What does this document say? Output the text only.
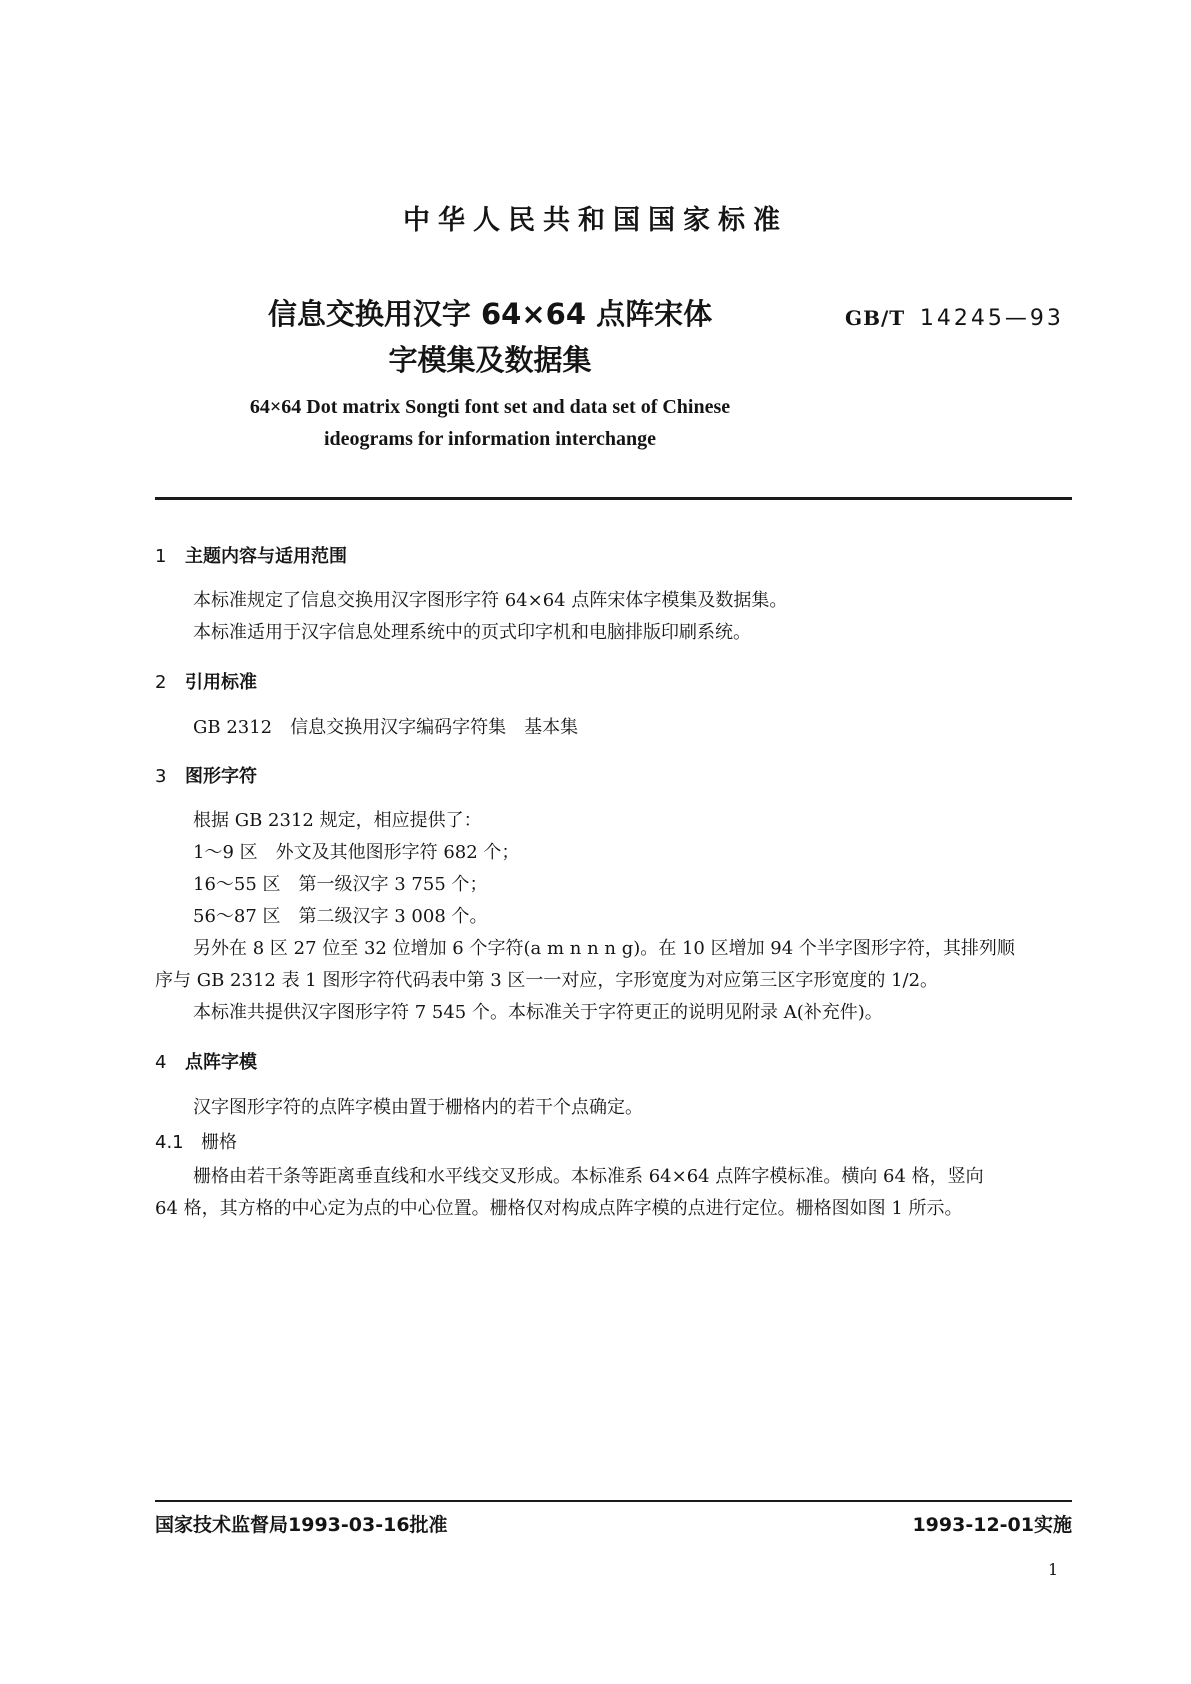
中华人民共和国国家标准
信息交换用汉字 64×64 点阵宋体
字模集及数据集
GB/T 14245—93
64×64 Dot matrix Songti font set and data set of Chinese
ideograms for information interchange
1 主题内容与适用范围
本标准规定了信息交换用汉字图形字符 64×64 点阵宋体字模集及数据集。
本标准适用于汉字信息处理系统中的页式印字机和电脑排版印刷系统。
2 引用标准
GB 2312　信息交换用汉字编码字符集　基本集
3 图形字符
根据 GB 2312 规定，相应提供了：
1～9 区　外文及其他图形字符 682 个；
16～55 区　第一级汉字 3 755 个；
56～87 区　第二级汉字 3 008 个。
另外在 8 区 27 位至 32 位增加 6 个字符(a m n n n g)。在 10 区增加 94 个半字图形字符，其排列顺
序与 GB 2312 表 1 图形字符代码表中第 3 区一一对应，字形宽度为对应第三区字形宽度的 1/2。
本标准共提供汉字图形字符 7 545 个。本标准关于字符更正的说明见附录 A(补充件)。
4 点阵字模
汉字图形字符的点阵字模由置于栅格内的若干个点确定。
4.1 栅格
栅格由若干条等距离垂直线和水平线交叉形成。本标准系 64×64 点阵字模标准。横向 64 格，竖向
64 格，其方格的中心定为点的中心位置。栅格仅对构成点阵字模的点进行定位。栅格图如图 1 所示。
国家技术监督局1993-03-16批准	1993-12-01实施
1
